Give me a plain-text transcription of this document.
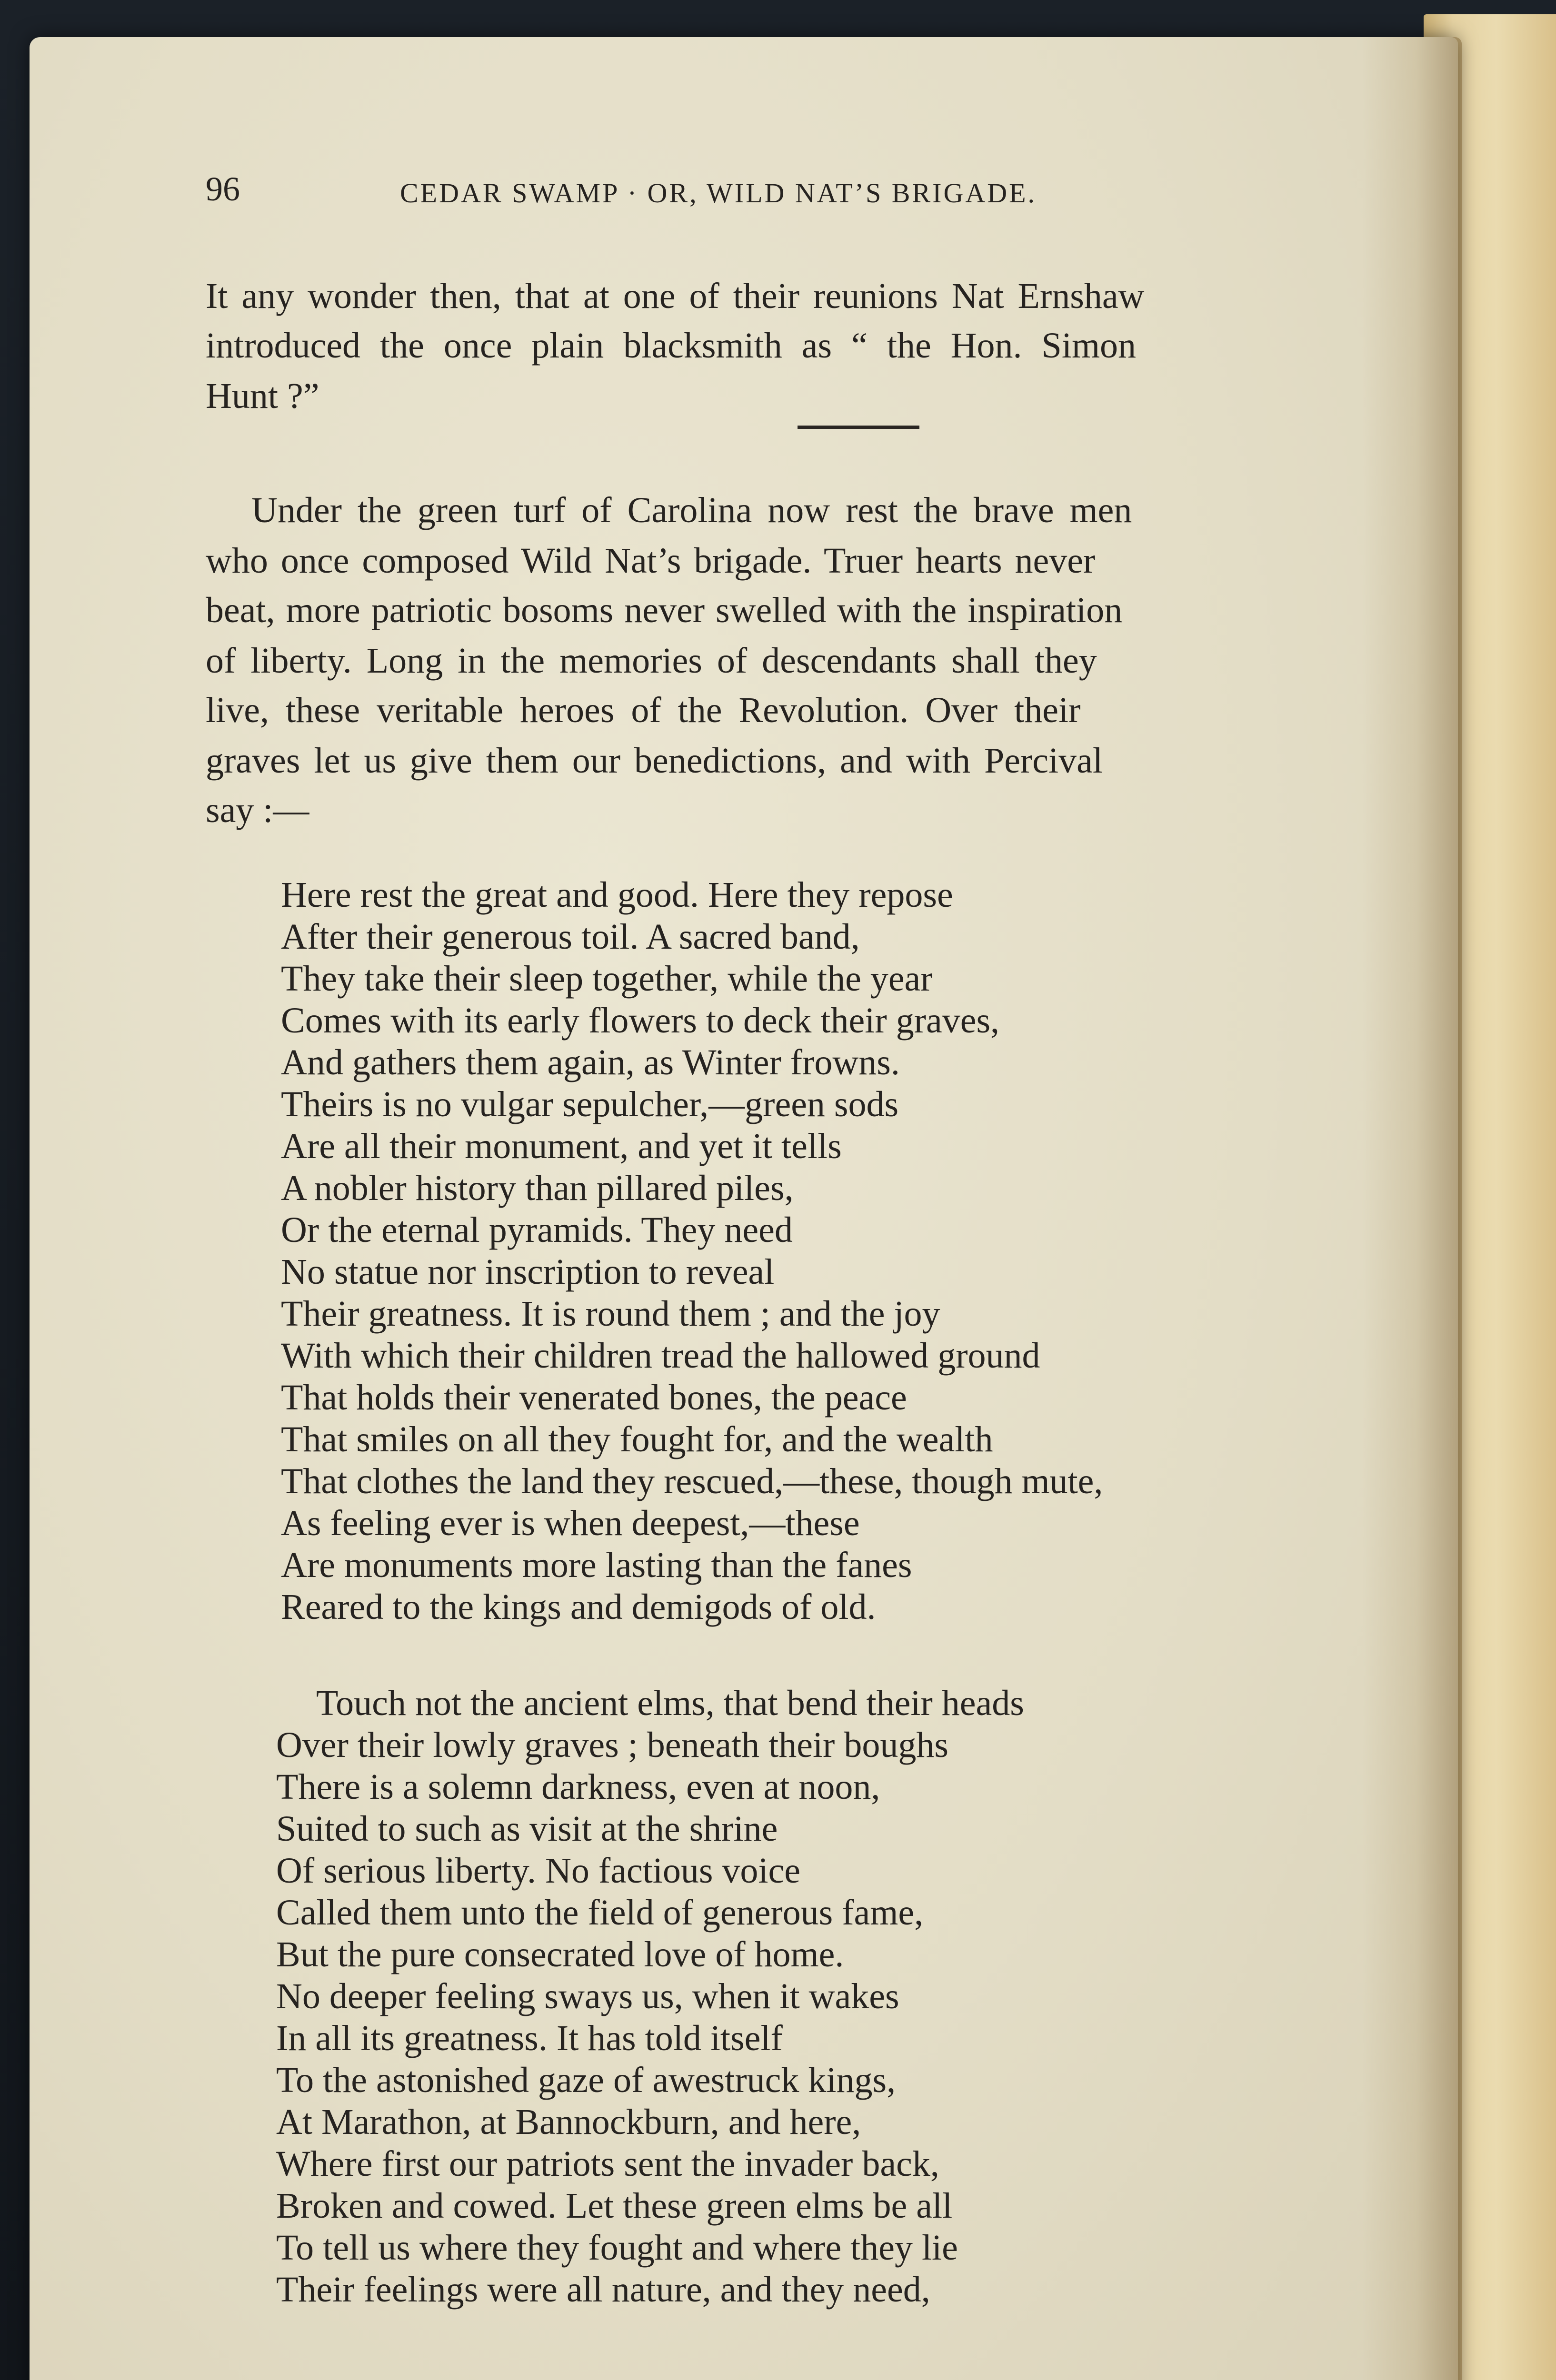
96	CEDAR SWAMP · OR, WILD NAT’S BRIGADE.
It any wonder then, that at one of their reunions Nat Ernshaw
introduced the once plain blacksmith as “ the Hon. Simon
Hunt ?”
Under the green turf of Carolina now rest the brave men
who once composed Wild Nat’s brigade. Truer hearts never
beat, more patriotic bosoms never swelled with the inspiration
of liberty. Long in the memories of descendants shall they
live, these veritable heroes of the Revolution. Over their
graves let us give them our benedictions, and with Percival
say :—
Here rest the great and good. Here they repose
After their generous toil. A sacred band,
They take their sleep together, while the year
Comes with its early flowers to deck their graves,
And gathers them again, as Winter frowns.
Theirs is no vulgar sepulcher,—green sods
Are all their monument, and yet it tells
A nobler history than pillared piles,
Or the eternal pyramids. They need
No statue nor inscription to reveal
Their greatness. It is round them ; and the joy
With which their children tread the hallowed ground
That holds their venerated bones, the peace
That smiles on all they fought for, and the wealth
That clothes the land they rescued,—these, though mute,
As feeling ever is when deepest,—these
Are monuments more lasting than the fanes
Reared to the kings and demigods of old.
Touch not the ancient elms, that bend their heads
Over their lowly graves ; beneath their boughs
There is a solemn darkness, even at noon,
Suited to such as visit at the shrine
Of serious liberty. No factious voice
Called them unto the field of generous fame,
But the pure consecrated love of home.
No deeper feeling sways us, when it wakes
In all its greatness. It has told itself
To the astonished gaze of awestruck kings,
At Marathon, at Bannockburn, and here,
Where first our patriots sent the invader back,
Broken and cowed. Let these green elms be all
To tell us where they fought and where they lie
Their feelings were all nature, and they need,
